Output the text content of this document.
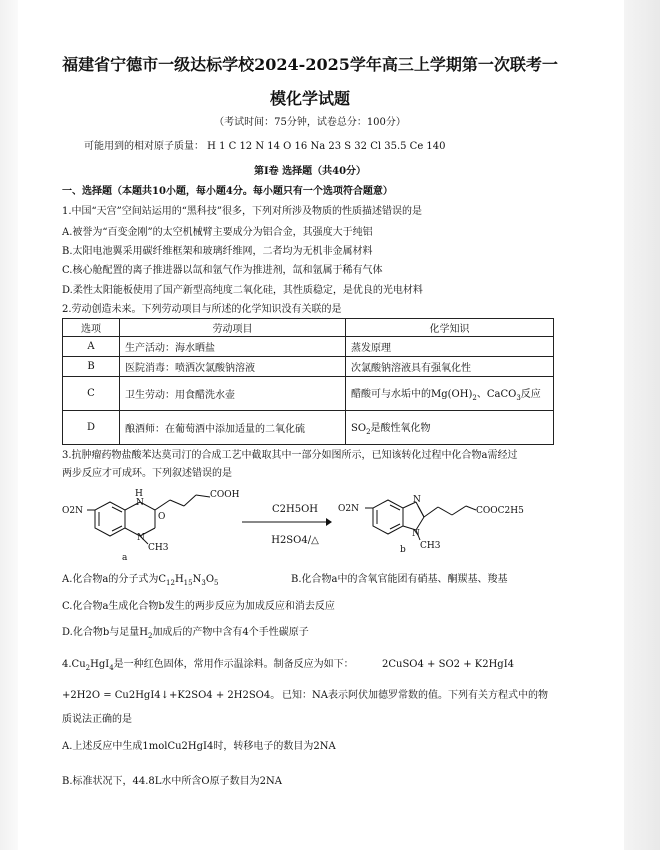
福建省宁德市一级达标学校2024-2025学年高三上学期第一次联考一
模化学试题
（考试时间：75分钟，试卷总分：100分）
可能用到的相对原子质量： H 1 C 12 N 14 O 16 Na 23 S 32 Cl 35.5 Ce 140
第Ⅰ卷 选择题（共40分）
一、选择题（本题共10小题，每小题4分。每小题只有一个选项符合题意）
1.中国“天宫”空间站运用的“黑科技”很多，下列对所涉及物质的性质描述错误的是
A.被誉为“百变金刚”的太空机械臂主要成分为铝合金，其强度大于纯铝
B.太阳电池翼采用碳纤维框架和玻璃纤维网，二者均为无机非金属材料
C.核心舱配置的离子推进器以氙和氩气作为推进剂，氙和氩属于稀有气体
D.柔性太阳能板使用了国产新型高纯度二氧化硅，其性质稳定，是优良的光电材料
2.劳动创造未来。下列劳动项目与所述的化学知识没有关联的是
选项	劳动项目	化学知识
A	生产活动：海水晒盐	蒸发原理
B	医院消毒：喷洒次氯酸钠溶液	次氯酸钠溶液具有强氧化性
C	卫生劳动：用食醋洗水壶	醋酸可与水垢中的$Mg(OH)_2$、CaCO$_3$反应
D	酿酒师：在葡萄酒中添加适量的二氧化硫	$SO_2$是酸性氧化物
3.抗肿瘤药物盐酸苯达莫司汀的合成工艺中截取其中一部分如图所示，已知该转化过程中化合物a需经过
两步反应才可成环。下列叙述错误的是
O2N
H
N
O
N
CH3
COOH
a
C2H5OH
H2SO4/△
O2N
N
N
CH3
COOC2H5
b
A.化合物a的分子式为$C_{12}H_{15}N_3O_5$	B.化合物a中的含氧官能团有硝基、酮羰基、羧基
C.化合物a生成化合物b发生的两步反应为加成反应和消去反应
D.化合物b与足量$H_2$加成后的产物中含有4个手性碳原子
$4.Cu_2HgI_4$是一种红色固体，常用作示温涂料。制备反应为如下：	2CuSO4 + SO2 + K2HgI4
+2H2O = Cu2HgI4↓+K2SO4 + 2H2SO4。 已知：NA表示阿伏加德罗常数的值。下列有关方程式中的物
质说法正确的是
A.上述反应中生成1molCu2HgI4时，转移电子的数目为2NA
B.标准状况下，44.8L水中所含O原子数目为2NA
